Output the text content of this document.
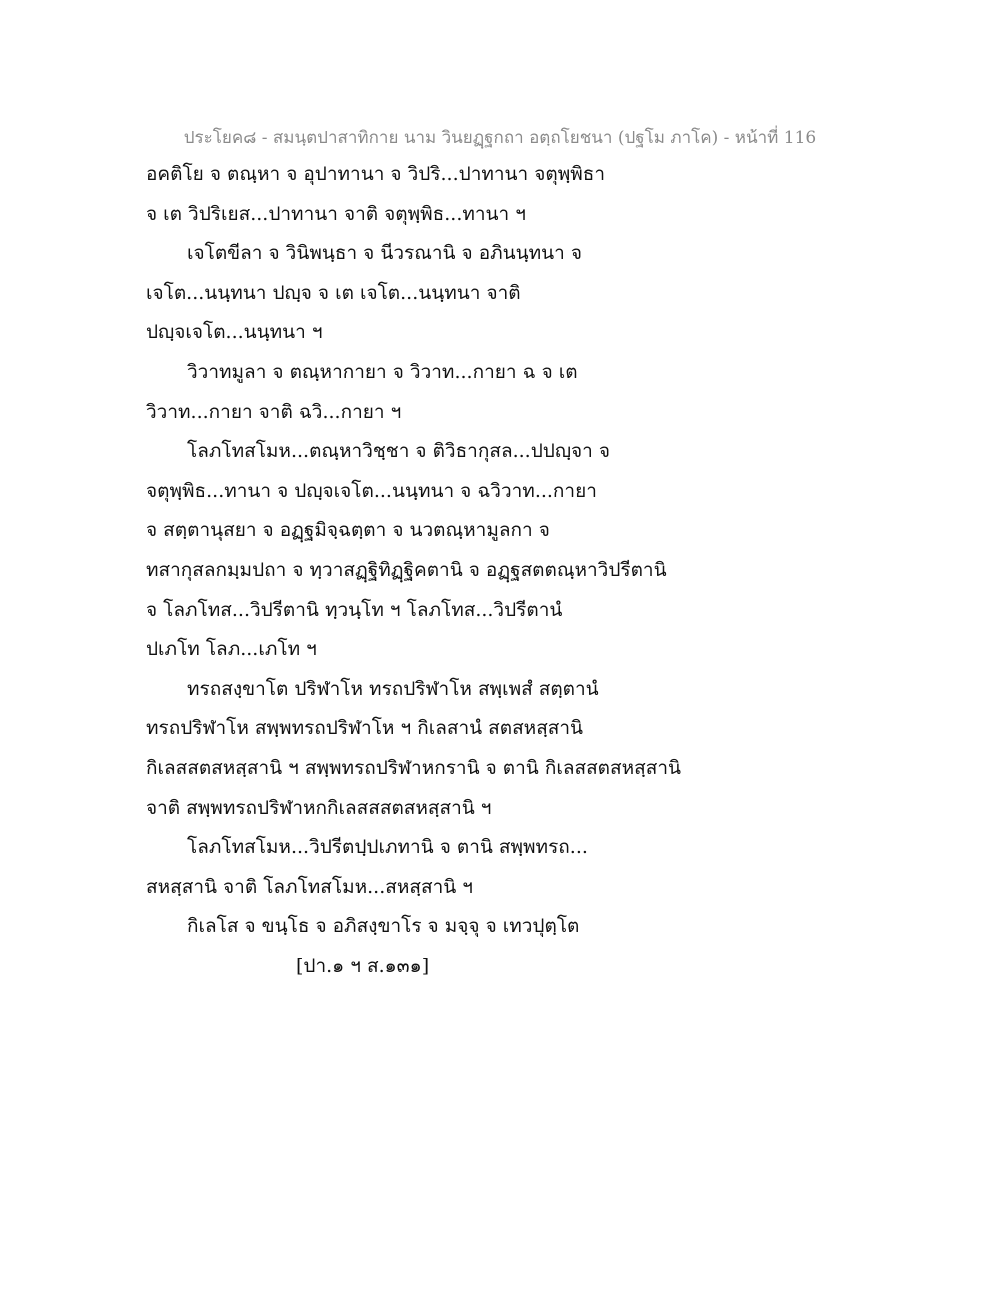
ประโยค๘ - สมนฺตปาสาทิกาย นาม วินยฏฺฐกถา อตฺถโยชนา (ปฐโม ภาโค) - หน้าที่ 116
อคติโย จ ตณฺหา จ อุปาทานา จ วิปริ...ปาทานา จตุพฺพิธา
จ เต วิปริเยส...ปาทานา จาติ จตุพฺพิธ...ทานา ฯ
เจโตขีลา จ วินิพนฺธา จ นีวรณานิ จ อภินนฺทนา จ
เจโต...นนฺทนา ปญฺจ จ เต เจโต...นนฺทนา จาติ
ปญฺจเจโต...นนฺทนา ฯ
วิวาทมูลา จ ตณฺหากายา จ วิวาท...กายา ฉ จ เต
วิวาท...กายา จาติ ฉวิ...กายา ฯ
โลภโทสโมห...ตณฺหาวิชฺชา จ ติวิธากุสล...ปปญฺจา จ
จตุพฺพิธ...ทานา จ ปญฺจเจโต...นนฺทนา จ ฉวิวาท...กายา
จ สตฺตานุสยา จ อฏฺฐมิจฺฉตฺตา จ นวตณฺหามูลกา จ
ทสากุสลกมฺมปถา จ ทฺวาสฏฺฐิทิฏฺฐิคตานิ จ อฏฺฐสตตณฺหาวิปรีตานิ
จ โลภโทส...วิปรีตานิ ทฺวนฺโท ฯ โลภโทส...วิปรีตานํ
ปเภโท โลภ...เภโท ฯ
ทรถสงฺขาโต ปริฬาโห ทรถปริฬาโห สพฺเพสํ สตฺตานํ
ทรถปริฬาโห สพฺพทรถปริฬาโห ฯ กิเลสานํ สตสหสฺสานิ
กิเลสสตสหสฺสานิ ฯ สพฺพทรถปริฬาหกรานิ จ ตานิ กิเลสสตสหสฺสานิ
จาติ สพฺพทรถปริฬาหกกิเลสสสตสหสฺสานิ ฯ
โลภโทสโมห...วิปรีตปฺปเภทานิ จ ตานิ สพฺพทรถ...
สหสฺสานิ จาติ โลภโทสโมห...สหสฺสานิ ฯ
กิเลโส จ ขนฺโธ จ อภิสงฺขาโร จ มจฺจุ จ เทวปุตฺโต
[ปา.๑ ฯ ส.๑๓๑]
